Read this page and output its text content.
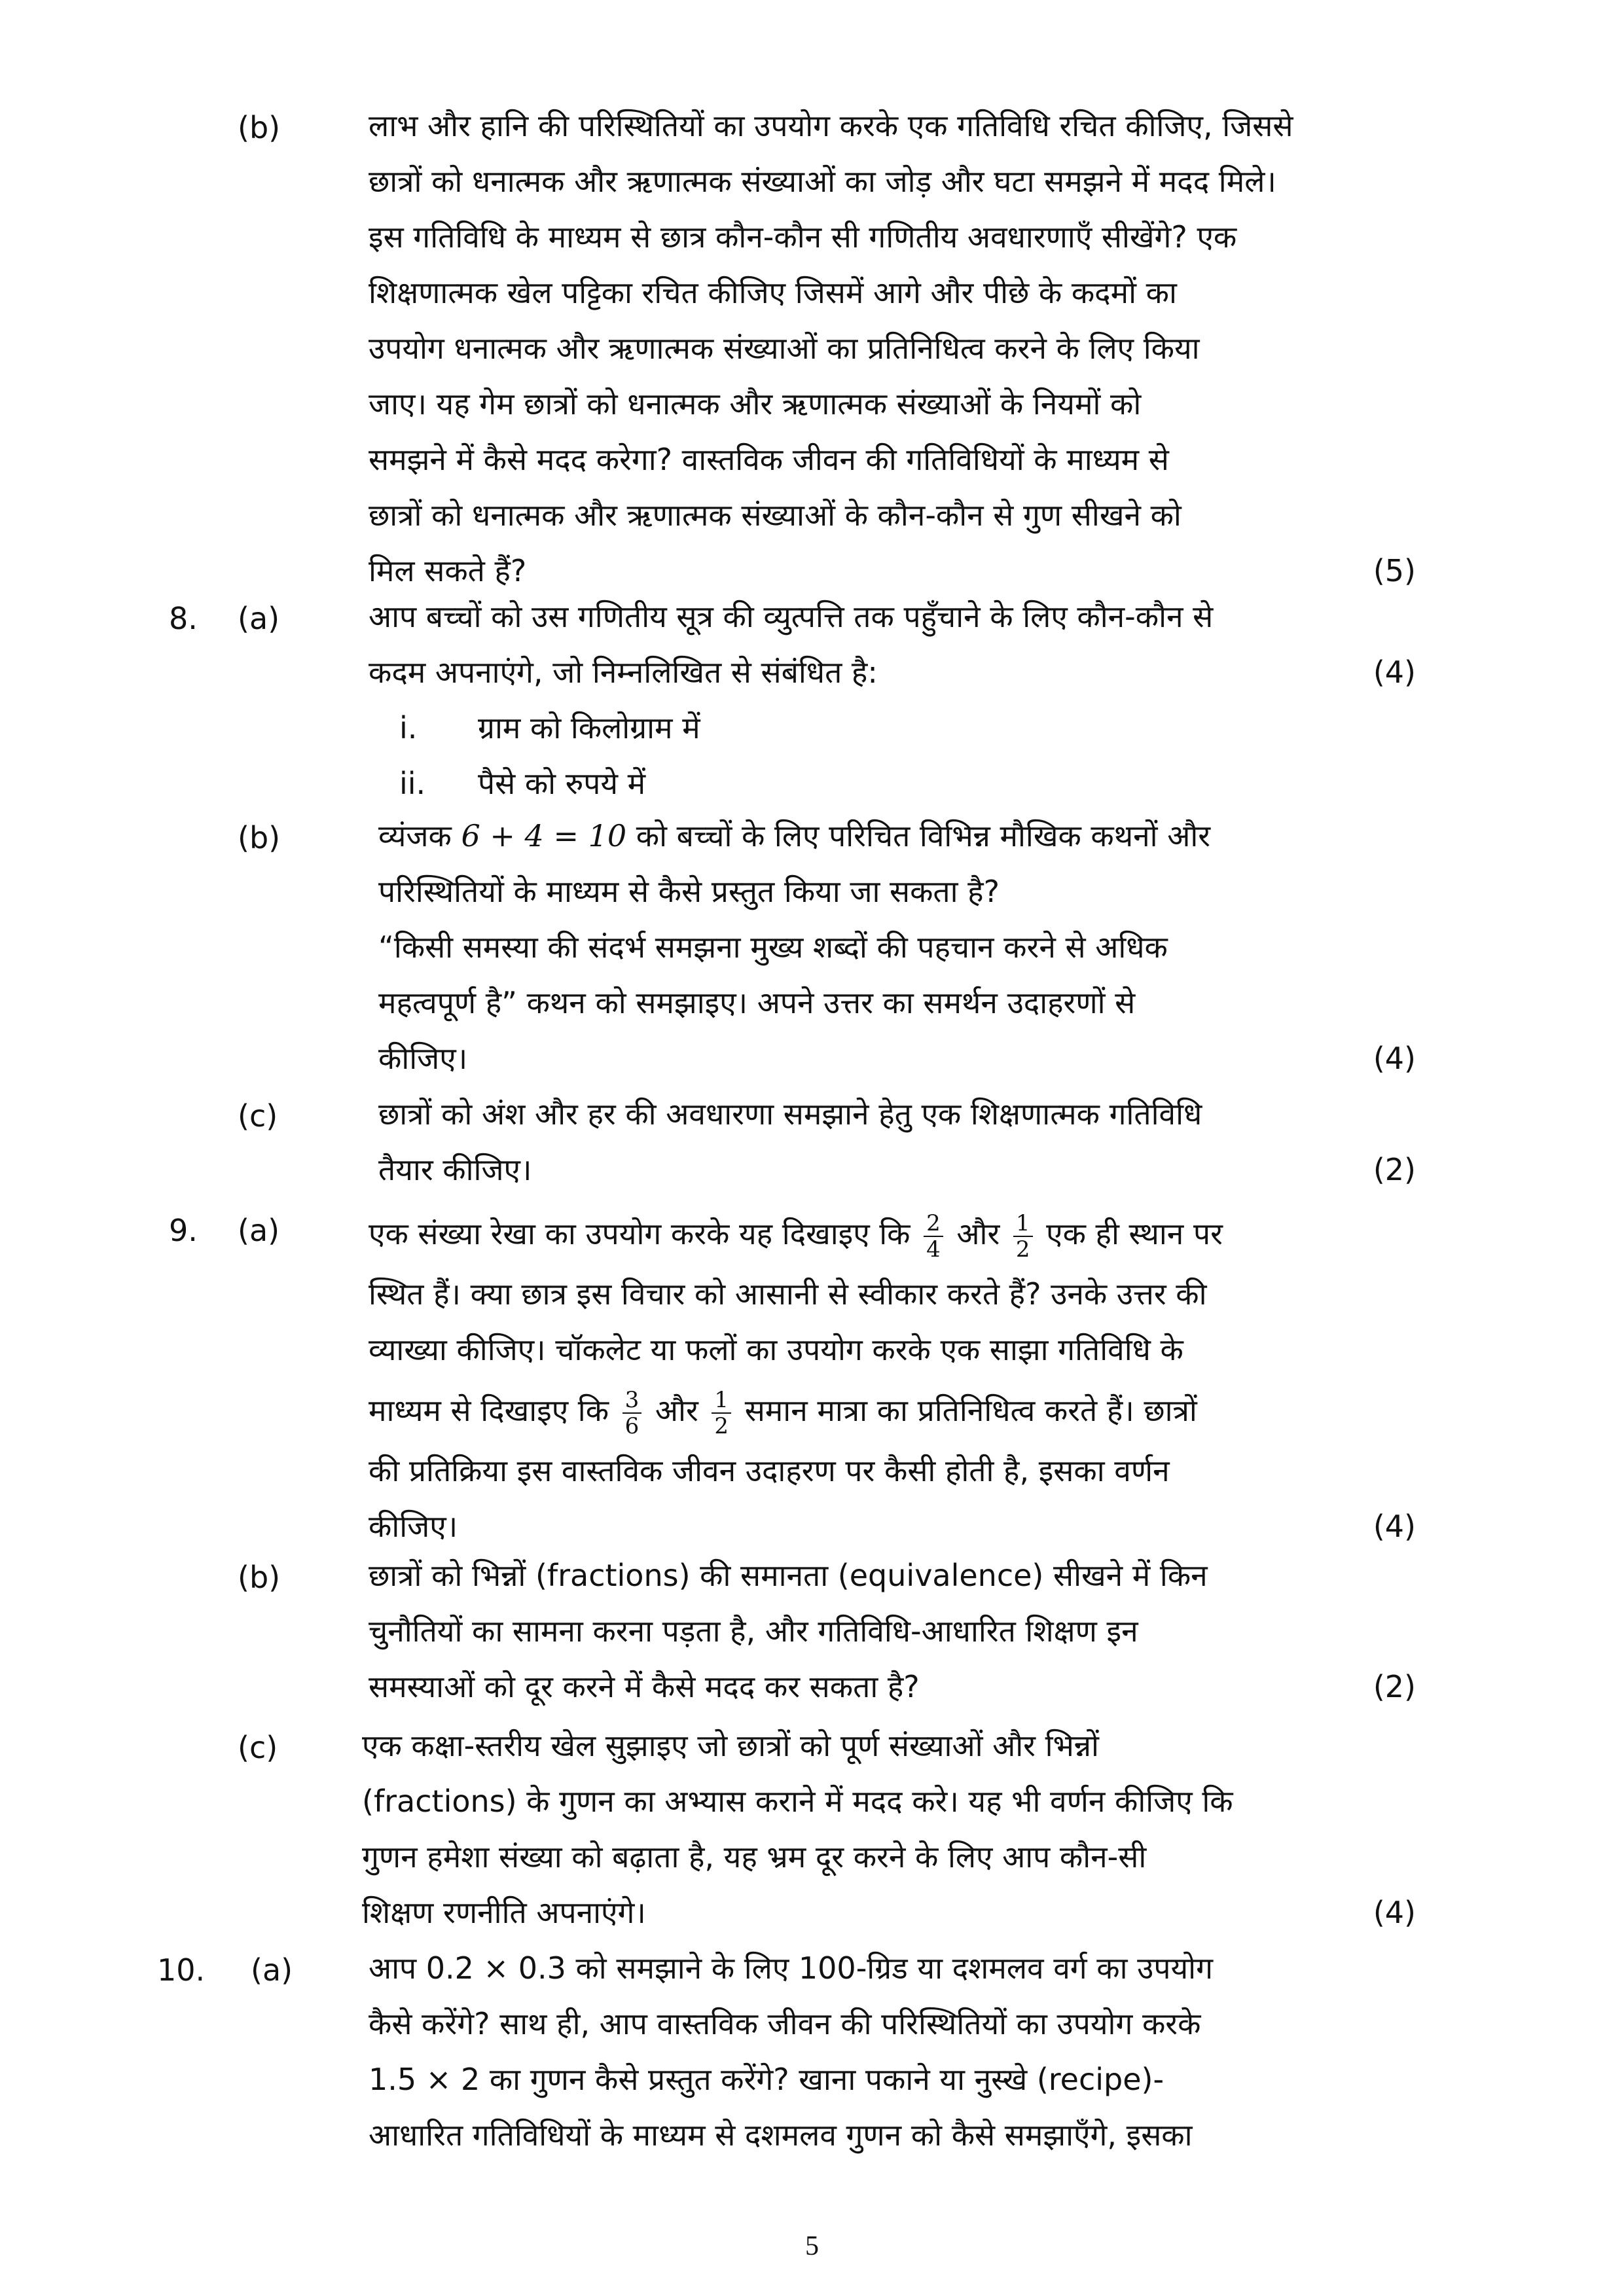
(b)	लाभ और हानि की परिस्थितियों का उपयोग करके एक गतिविधि रचित कीजिए, जिससे
छात्रों को धनात्मक और ऋणात्मक संख्याओं का जोड़ और घटा समझने में मदद मिले।
इस गतिविधि के माध्यम से छात्र कौन-कौन सी गणितीय अवधारणाएँ सीखेंगे? एक
शिक्षणात्मक खेल पट्टिका रचित कीजिए जिसमें आगे और पीछे के कदमों का
उपयोग धनात्मक और ऋणात्मक संख्याओं का प्रतिनिधित्व करने के लिए किया
जाए। यह गेम छात्रों को धनात्मक और ऋणात्मक संख्याओं के नियमों को
समझने में कैसे मदद करेगा? वास्तविक जीवन की गतिविधियों के माध्यम से
छात्रों को धनात्मक और ऋणात्मक संख्याओं के कौन-कौन से गुण सीखने को
मिल सकते हैं?	(5)
8. (a)	आप बच्चों को उस गणितीय सूत्र की व्युत्पत्ति तक पहुँचाने के लिए कौन-कौन से
कदम अपनाएंगे, जो निम्नलिखित से संबंधित है:	(4)
i. ग्राम को किलोग्राम में
ii. पैसे को रुपये में
(b)	व्यंजक 6 + 4 = 10 को बच्चों के लिए परिचित विभिन्न मौखिक कथनों और
परिस्थितियों के माध्यम से कैसे प्रस्तुत किया जा सकता है?
“किसी समस्या की संदर्भ समझना मुख्य शब्दों की पहचान करने से अधिक
महत्वपूर्ण है” कथन को समझाइए। अपने उत्तर का समर्थन उदाहरणों से
कीजिए।	(4)
(c)	छात्रों को अंश और हर की अवधारणा समझाने हेतु एक शिक्षणात्मक गतिविधि
तैयार कीजिए।	(2)
9. (a)	एक संख्या रेखा का उपयोग करके यह दिखाइए कि $\frac{2}{4}$ और $\frac{1}{2}$ एक ही स्थान पर
स्थित हैं। क्या छात्र इस विचार को आसानी से स्वीकार करते हैं? उनके उत्तर की
व्याख्या कीजिए। चॉकलेट या फलों का उपयोग करके एक साझा गतिविधि के
माध्यम से दिखाइए कि $\frac{3}{6}$ और $\frac{1}{2}$ समान मात्रा का प्रतिनिधित्व करते हैं। छात्रों
की प्रतिक्रिया इस वास्तविक जीवन उदाहरण पर कैसी होती है, इसका वर्णन
कीजिए।	(4)
(b)	छात्रों को भिन्नों (fractions) की समानता (equivalence) सीखने में किन
चुनौतियों का सामना करना पड़ता है, और गतिविधि-आधारित शिक्षण इन
समस्याओं को दूर करने में कैसे मदद कर सकता है?	(2)
(c)	एक कक्षा-स्तरीय खेल सुझाइए जो छात्रों को पूर्ण संख्याओं और भिन्नों
(fractions) के गुणन का अभ्यास कराने में मदद करे। यह भी वर्णन कीजिए कि
गुणन हमेशा संख्या को बढ़ाता है, यह भ्रम दूर करने के लिए आप कौन-सी
शिक्षण रणनीति अपनाएंगे।	(4)
10. (a)	आप 0.2 × 0.3 को समझाने के लिए 100-ग्रिड या दशमलव वर्ग का उपयोग
कैसे करेंगे? साथ ही, आप वास्तविक जीवन की परिस्थितियों का उपयोग करके
1.5 × 2 का गुणन कैसे प्रस्तुत करेंगे? खाना पकाने या नुस्खे (recipe)-
आधारित गतिविधियों के माध्यम से दशमलव गुणन को कैसे समझाएँगे, इसका
5
